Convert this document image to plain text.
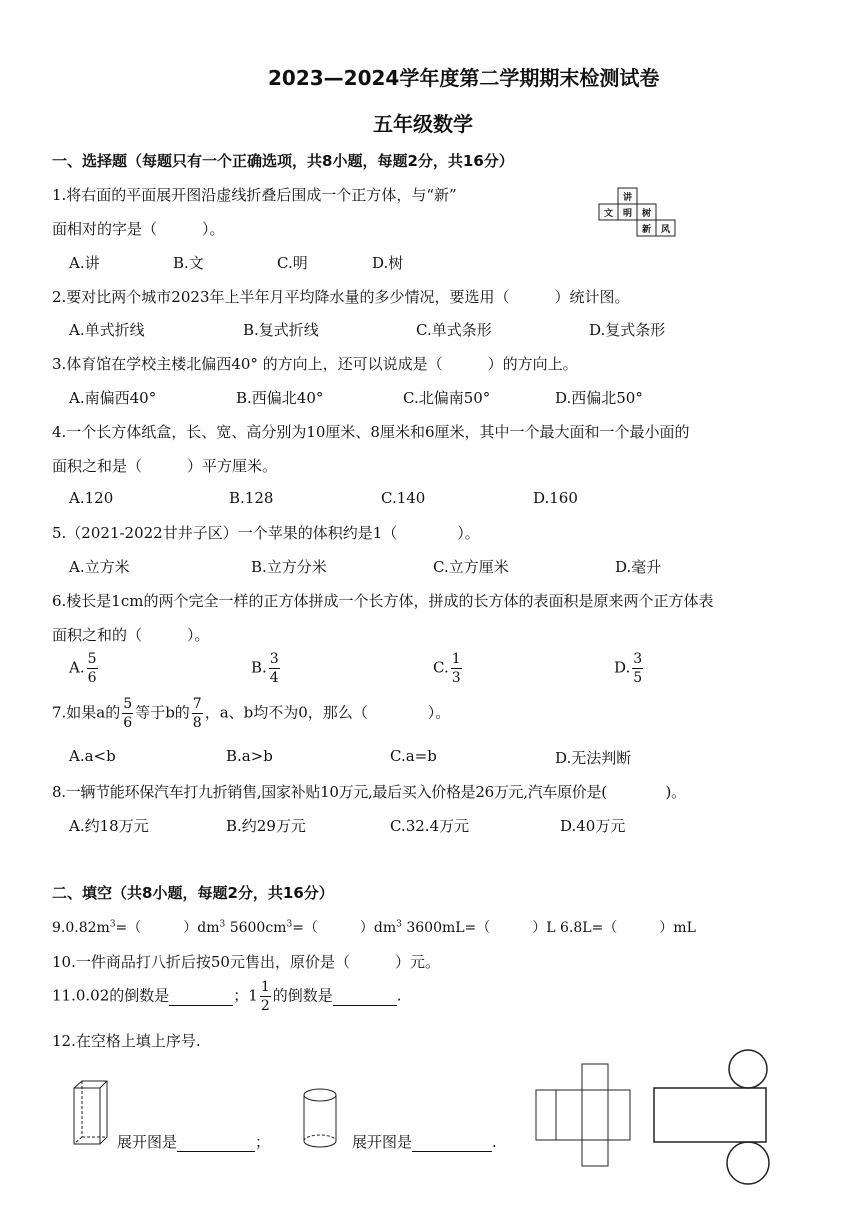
2023—2024学年度第二学期期末检测试卷
五年级数学
一、选择题（每题只有一个正确选项，共8小题，每题2分，共16分）
1.将右面的平面展开图沿虚线折叠后围成一个正方体，与“新”
面相对的字是（　　　）。
讲
文 明 树
新 风
A.讲	B.文	C.明	D.树
2.要对比两个城市2023年上半年月平均降水量的多少情况，要选用（　　　）统计图。
A.单式折线	B.复式折线	C.单式条形	D.复式条形
3.体育馆在学校主楼北偏西40° 的方向上，还可以说成是（　　　）的方向上。
A.南偏西40°	B.西偏北40°	C.北偏南50°	D.西偏北50°
4.一个长方体纸盒，长、宽、高分别为10厘米、8厘米和6厘米，其中一个最大面和一个最小面的
面积之和是（　　　）平方厘米。
A.120	B.128	C.140	D.160
5.（2021-2022甘井子区）一个苹果的体积约是1（　　　　）。
A.立方米	B.立方分米	C.立方厘米	D.毫升
6.棱长是1cm的两个完全一样的正方体拼成一个长方体，拼成的长方体的表面积是原来两个正方体表
面积之和的（　　　）。
A. $\frac{5}{6}$	B. $\frac{3}{4}$	C. $\frac{1}{3}$	D. $\frac{3}{5}$
7.如果a的 $\frac{5}{6}$ 等于b的 $\frac{7}{8}$ ，a、b均不为0，那么（　　　　）。
A.a<b	B.a>b	C.a=b	D.无法判断
8.一辆节能环保汽车打九折销售,国家补贴10万元,最后买入价格是26万元,汽车原价是(　　　　)。
A.约18万元	B.约29万元	C.32.4万元	D.40万元
二、填空（共8小题，每题2分，共16分）
$9.0.82m^3=$（　　　）$dm^3$ $5600cm^3=$（　　　）$dm^3$ 3600mL=（　　　）L 6.8L=（　　　）mL
10.一件商品打八折后按50元售出，原价是（　　　）元。
11.0.02的倒数是	；$1 \frac{1}{2}$ 的倒数是	.
12.在空格上填上序号.
展开图是	；	展开图是	.
